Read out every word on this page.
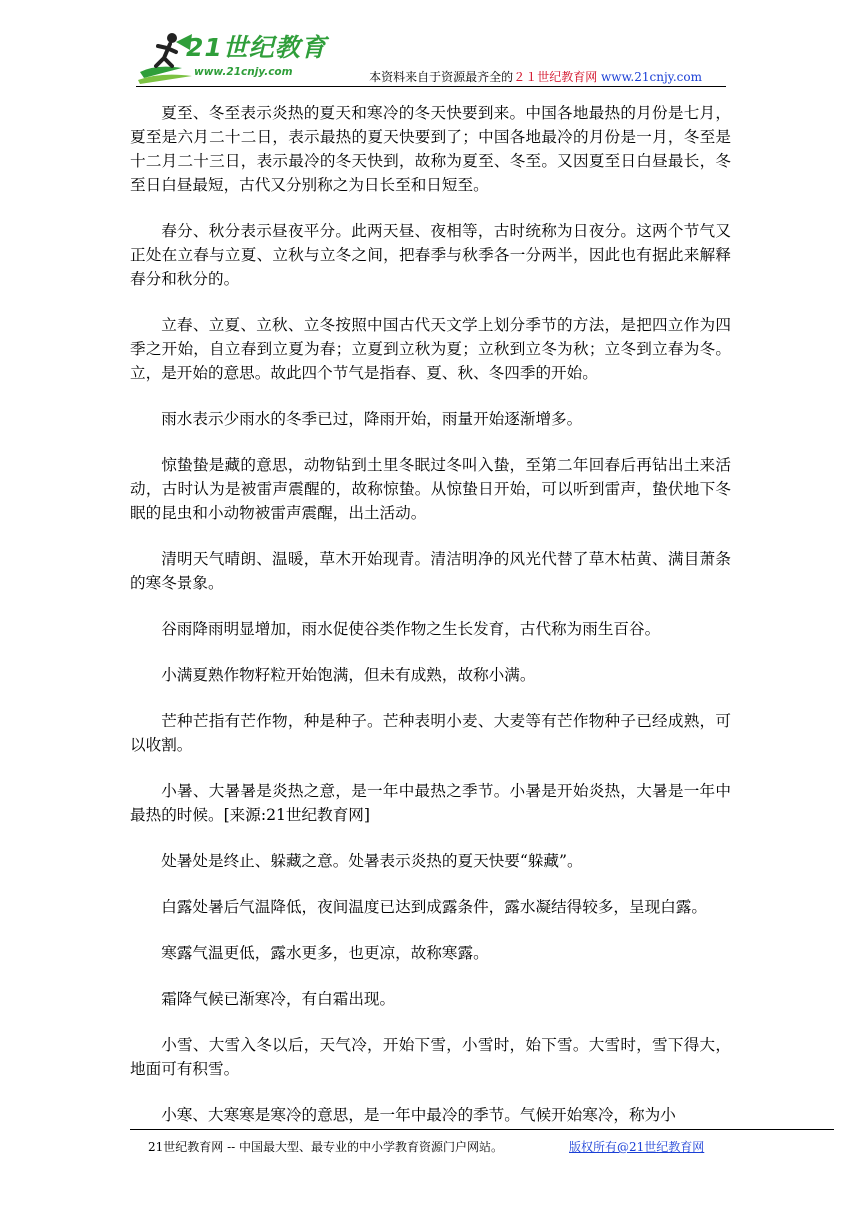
21世纪教育
www.21cnjy.com	本资料来自于资源最齐全的２１世纪教育网 www.21cnjy.com

夏至、冬至表示炎热的夏天和寒冷的冬天快要到来。中国各地最热的月份是七月，夏至是六月二十二日，表示最热的夏天快要到了；中国各地最冷的月份是一月，冬至是十二月二十三日，表示最冷的冬天快到，故称为夏至、冬至。又因夏至日白昼最长，冬至日白昼最短，古代又分别称之为日长至和日短至。

春分、秋分表示昼夜平分。此两天昼、夜相等，古时统称为日夜分。这两个节气又正处在立春与立夏、立秋与立冬之间，把春季与秋季各一分两半，因此也有据此来解释春分和秋分的。

立春、立夏、立秋、立冬按照中国古代天文学上划分季节的方法，是把四立作为四季之开始，自立春到立夏为春；立夏到立秋为夏；立秋到立冬为秋；立冬到立春为冬。立，是开始的意思。故此四个节气是指春、夏、秋、冬四季的开始。

雨水表示少雨水的冬季已过，降雨开始，雨量开始逐渐增多。

惊蛰蛰是藏的意思，动物钻到土里冬眠过冬叫入蛰，至第二年回春后再钻出土来活动，古时认为是被雷声震醒的，故称惊蛰。从惊蛰日开始，可以听到雷声，蛰伏地下冬眠的昆虫和小动物被雷声震醒，出土活动。

清明天气晴朗、温暖，草木开始现青。清洁明净的风光代替了草木枯黄、满目萧条的寒冬景象。

谷雨降雨明显增加，雨水促使谷类作物之生长发育，古代称为雨生百谷。

小满夏熟作物籽粒开始饱满，但未有成熟，故称小满。

芒种芒指有芒作物，种是种子。芒种表明小麦、大麦等有芒作物种子已经成熟，可以收割。

小暑、大暑暑是炎热之意，是一年中最热之季节。小暑是开始炎热，大暑是一年中最热的时候。[来源:21世纪教育网]

处暑处是终止、躲藏之意。处暑表示炎热的夏天快要“躲藏”。

白露处暑后气温降低，夜间温度已达到成露条件，露水凝结得较多，呈现白露。

寒露气温更低，露水更多，也更凉，故称寒露。

霜降气候已渐寒冷，有白霜出现。

小雪、大雪入冬以后，天气冷，开始下雪，小雪时，始下雪。大雪时，雪下得大，地面可有积雪。

小寒、大寒寒是寒冷的意思，是一年中最冷的季节。气候开始寒冷，称为小

21世纪教育网 -- 中国最大型、最专业的中小学教育资源门户网站。	版权所有@21世纪教育网
